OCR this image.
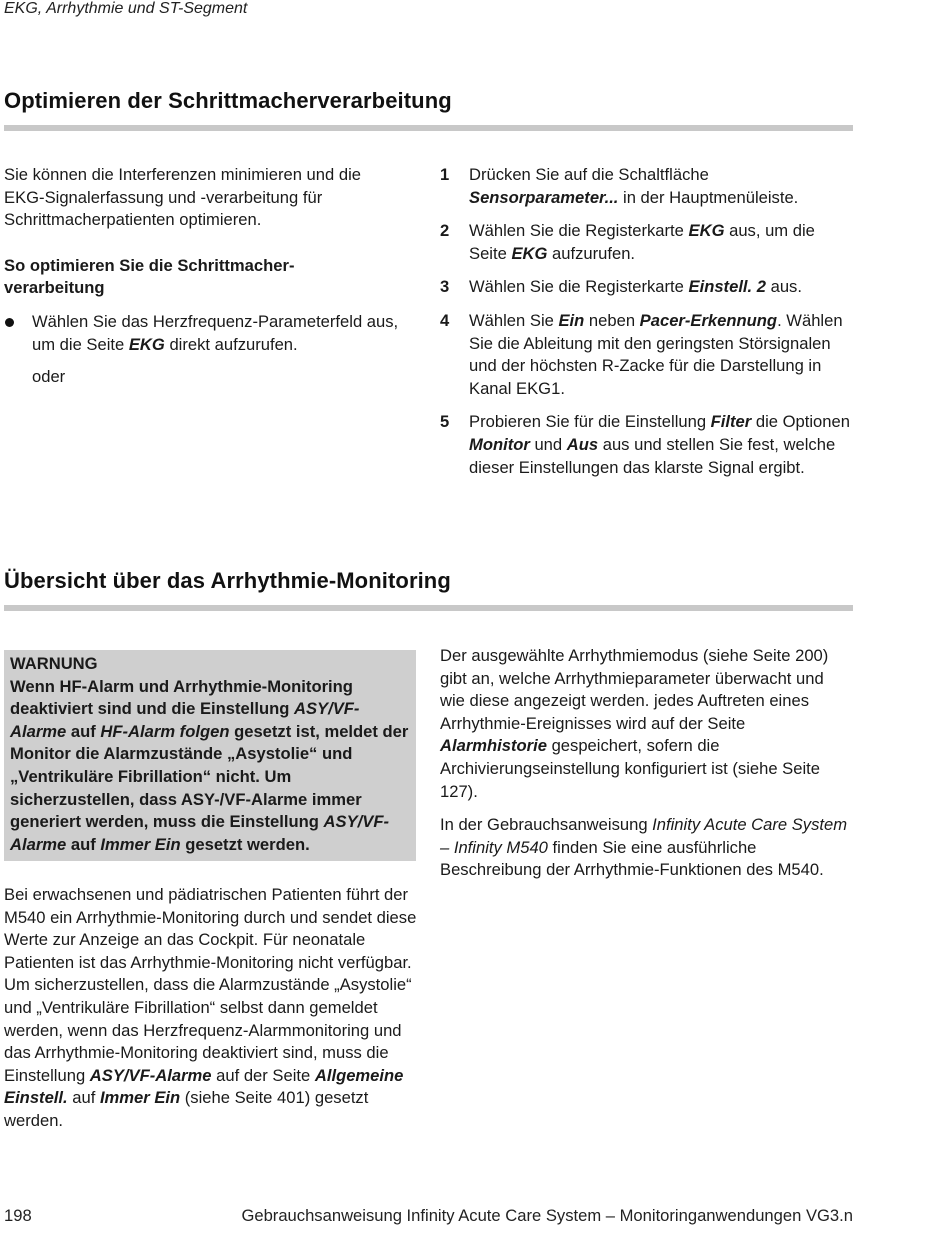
EKG, Arrhythmie und ST-Segment
Optimieren der Schrittmacherverarbeitung

Sie können die Interferenzen minimieren und die EKG-Signalerfassung und -verarbeitung für Schrittmacherpatienten optimieren.

So optimieren Sie die Schrittmacherverarbeitung

Wählen Sie das Herzfrequenz-Parameterfeld aus, um die Seite EKG direkt aufzurufen.

oder

1 Drücken Sie auf die Schaltfläche Sensorparameter... in der Hauptmenüleiste.

2 Wählen Sie die Registerkarte EKG aus, um die Seite EKG aufzurufen.

3 Wählen Sie die Registerkarte Einstell. 2 aus.

4 Wählen Sie Ein neben Pacer-Erkennung. Wählen Sie die Ableitung mit den geringsten Störsignalen und der höchsten R-Zacke für die Darstellung in Kanal EKG1.

5 Probieren Sie für die Einstellung Filter die Optionen Monitor und Aus aus und stellen Sie fest, welche dieser Einstellungen das klarste Signal ergibt.

Übersicht über das Arrhythmie-Monitoring
WARNUNG
Wenn HF-Alarm und Arrhythmie-Monitoring deaktiviert sind und die Einstellung ASY/VF-Alarme auf HF-Alarm folgen gesetzt ist, meldet der Monitor die Alarmzustände „Asystolie“ und „Ventrikuläre Fibrillation“ nicht. Um sicherzustellen, dass ASY-/VF-Alarme immer generiert werden, muss die Einstellung ASY/VF-Alarme auf Immer Ein gesetzt werden.

Bei erwachsenen und pädiatrischen Patienten führt der M540 ein Arrhythmie-Monitoring durch und sendet diese Werte zur Anzeige an das Cockpit. Für neonatale Patienten ist das Arrhythmie-Monitoring nicht verfügbar. Um sicherzustellen, dass die Alarmzustände „Asystolie“ und „Ventrikuläre Fibrillation“ selbst dann gemeldet werden, wenn das Herzfrequenz-Alarmmonitoring und das Arrhythmie-Monitoring deaktiviert sind, muss die Einstellung ASY/VF-Alarme auf der Seite Allgemeine Einstell. auf Immer Ein (siehe Seite 401) gesetzt werden.

Der ausgewählte Arrhythmiemodus (siehe Seite 200) gibt an, welche Arrhythmieparameter überwacht und wie diese angezeigt werden. jedes Auftreten eines Arrhythmie-Ereignisses wird auf der Seite Alarmhistorie gespeichert, sofern die Archivierungseinstellung konfiguriert ist (siehe Seite 127).

In der Gebrauchsanweisung Infinity Acute Care System – Infinity M540 finden Sie eine ausführliche Beschreibung der Arrhythmie-Funktionen des M540.

198	Gebrauchsanweisung Infinity Acute Care System – Monitoringanwendungen VG3.n
